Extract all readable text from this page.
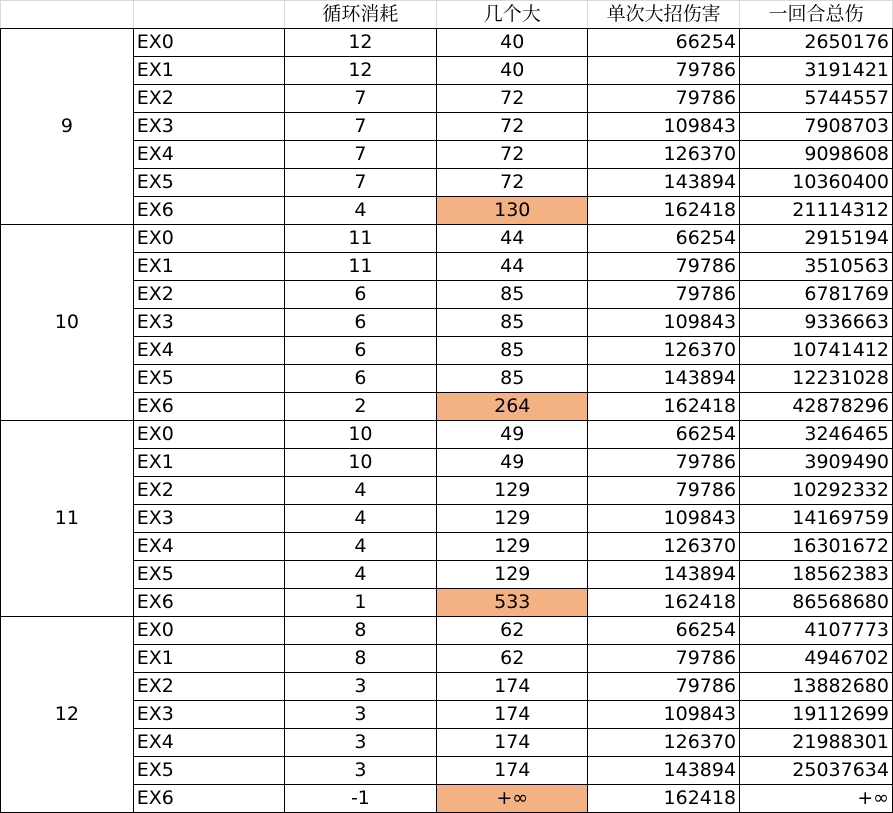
		循环消耗	几个大	单次大招伤害	一回合总伤
9	EX0	12	40	66254	2650176
	EX1	12	40	79786	3191421
	EX2	7	72	79786	5744557
	EX3	7	72	109843	7908703
	EX4	7	72	126370	9098608
	EX5	7	72	143894	10360400
	EX6	4	130	162418	21114312
10	EX0	11	44	66254	2915194
	EX1	11	44	79786	3510563
	EX2	6	85	79786	6781769
	EX3	6	85	109843	9336663
	EX4	6	85	126370	10741412
	EX5	6	85	143894	12231028
	EX6	2	264	162418	42878296
11	EX0	10	49	66254	3246465
	EX1	10	49	79786	3909490
	EX2	4	129	79786	10292332
	EX3	4	129	109843	14169759
	EX4	4	129	126370	16301672
	EX5	4	129	143894	18562383
	EX6	1	533	162418	86568680
12	EX0	8	62	66254	4107773
	EX1	8	62	79786	4946702
	EX2	3	174	79786	13882680
	EX3	3	174	109843	19112699
	EX4	3	174	126370	21988301
	EX5	3	174	143894	25037634
	EX6	-1	+∞	162418	+∞
